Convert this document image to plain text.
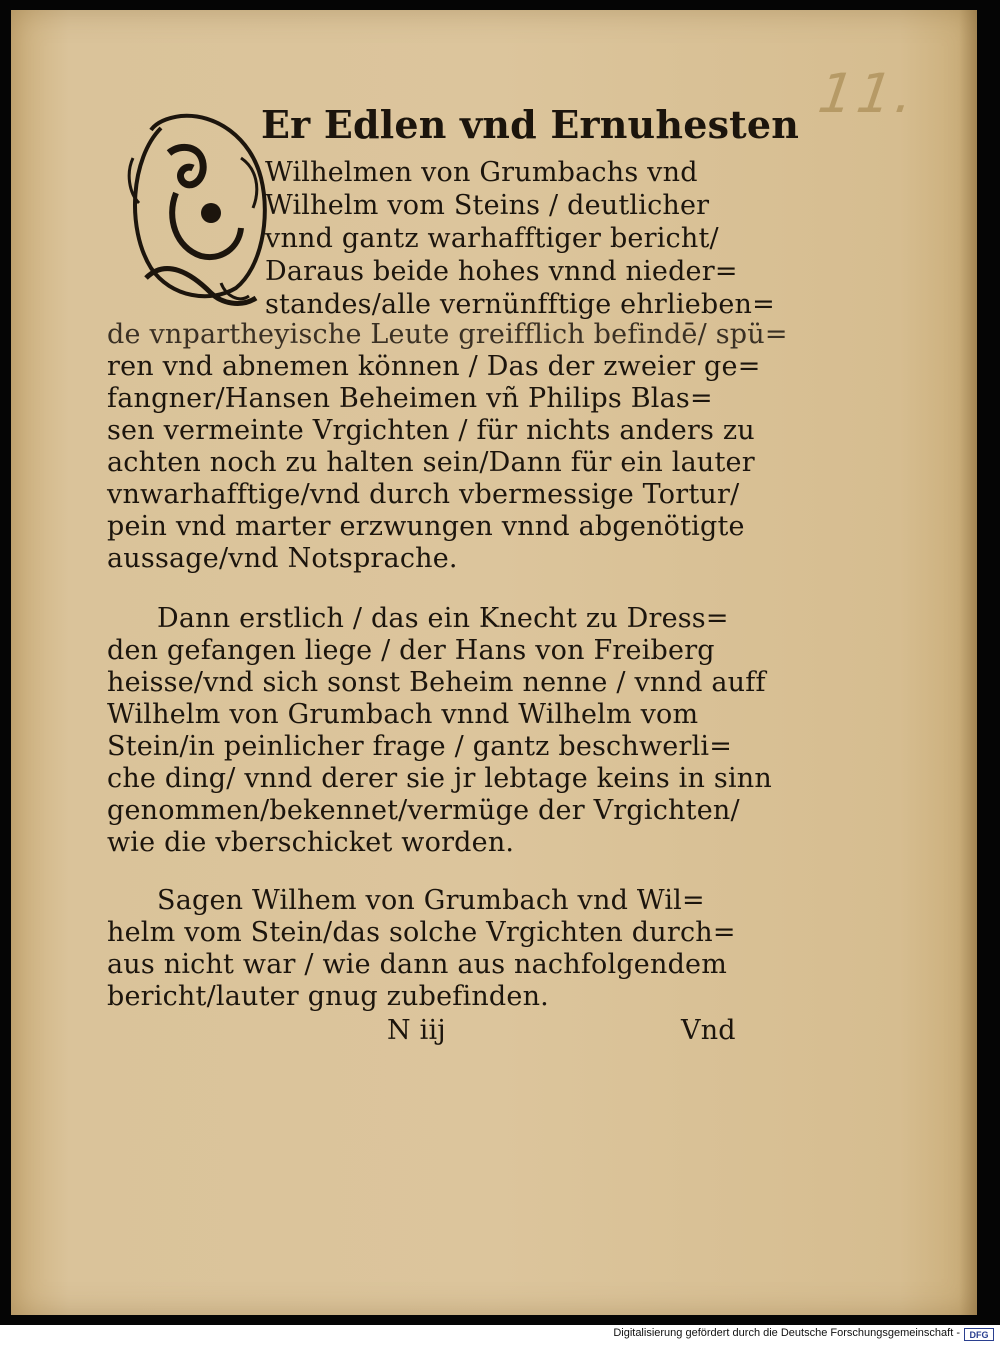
11.
Er Edlen vnd Ernuhesten
Wilhelmen von Grumbachs vnd
Wilhelm vom Steins / deutlicher
vnnd gantz warhafftiger bericht/
Daraus beide hohes vnnd nieder=
standes/alle vernünfftige ehrlieben=
de vnpartheyische Leute greifflich befindē/ spü=
ren vnd abnemen können / Das der zweier ge=
fangner/Hansen Beheimen vñ Philips Blas=
sen vermeinte Vrgichten / für nichts anders zu
achten noch zu halten sein/Dann für ein lauter
vnwarhafftige/vnd durch vbermessige Tortur/
pein vnd marter erzwungen vnnd abgenötigte
aussage/vnd Notsprache.
Dann erstlich / das ein Knecht zu Dress=
den gefangen liege / der Hans von Freiberg
heisse/vnd sich sonst Beheim nenne / vnnd auff
Wilhelm von Grumbach vnnd Wilhelm vom
Stein/in peinlicher frage / gantz beschwerli=
che ding/ vnnd derer sie jr lebtage keins in sinn
genommen/bekennet/vermüge der Vrgichten/
wie die vberschicket worden.
Sagen Wilhem von Grumbach vnd Wil=
helm vom Stein/das solche Vrgichten durch=
aus nicht war / wie dann aus nachfolgendem
bericht/lauter gnug zubefinden.
N iij	Vnd
Digitalisierung gefördert durch die Deutsche Forschungsgemeinschaft -	DFG
